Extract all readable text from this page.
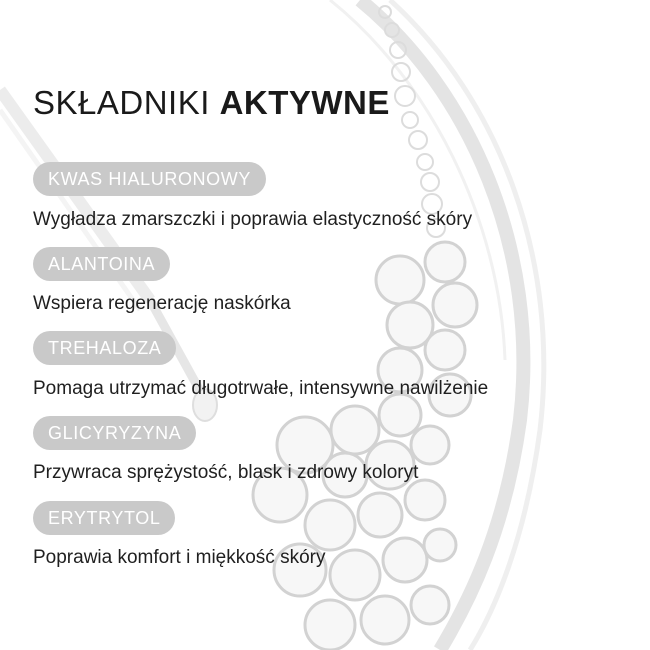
SKŁADNIKI AKTYWNE
KWAS HIALURONOWY
Wygładza zmarszczki i poprawia elastyczność skóry
ALANTOINA
Wspiera regenerację naskórka
TREHALOZA
Pomaga utrzymać długotrwałe, intensywne nawilżenie
GLICYRYZYNA
Przywraca sprężystość, blask i zdrowy koloryt
ERYTRYTOL
Poprawia komfort i miękkość skóry
